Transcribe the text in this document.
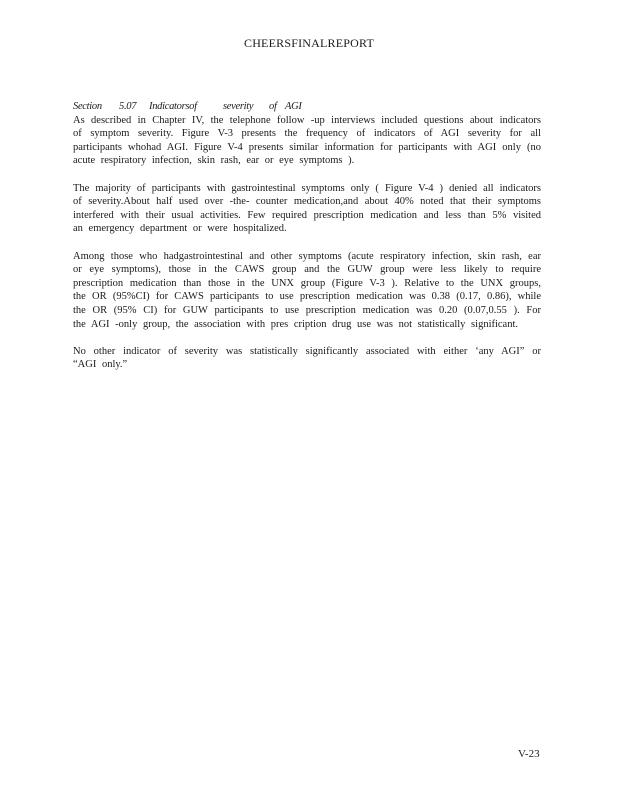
CHEERSFINALREPORT
Section	5.07	Indicatorsof	severity	of AGI

As described in Chapter IV, the telephone follow -up interviews included questions about indicators of symptom severity. Figure V-3 presents the frequency of indicators of AGI severity for all participants whohad AGI. Figure V-4 presents similar information for participants with AGI only (no acute respiratory infection, skin rash, ear or eye symptoms ).

The majority of participants with gastrointestinal symptoms only ( Figure V-4 ) denied all indicators of severity.About half used over -the- counter medication,and about 40% noted that their symptoms interfered with their usual activities. Few required prescription medication and less than 5% visited an emergency department or were hospitalized.

Among those who hadgastrointestinal and other symptoms (acute respiratory infection, skin rash, ear or eye symptoms), those in the CAWS group and the GUW group were less likely to require prescription medication than those in the UNX group (Figure V-3 ). Relative to the UNX groups, the OR (95%CI) for CAWS participants to use prescription medication was 0.38 (0.17, 0.86), while the OR (95% CI) for GUW participants to use prescription medication was 0.20 (0.07,0.55 ). For the AGI -only group, the association with pres cription drug use was not statistically significant.

No other indicator of severity was statistically significantly associated with either ‘any AGI” or “AGI only.”

V-23
